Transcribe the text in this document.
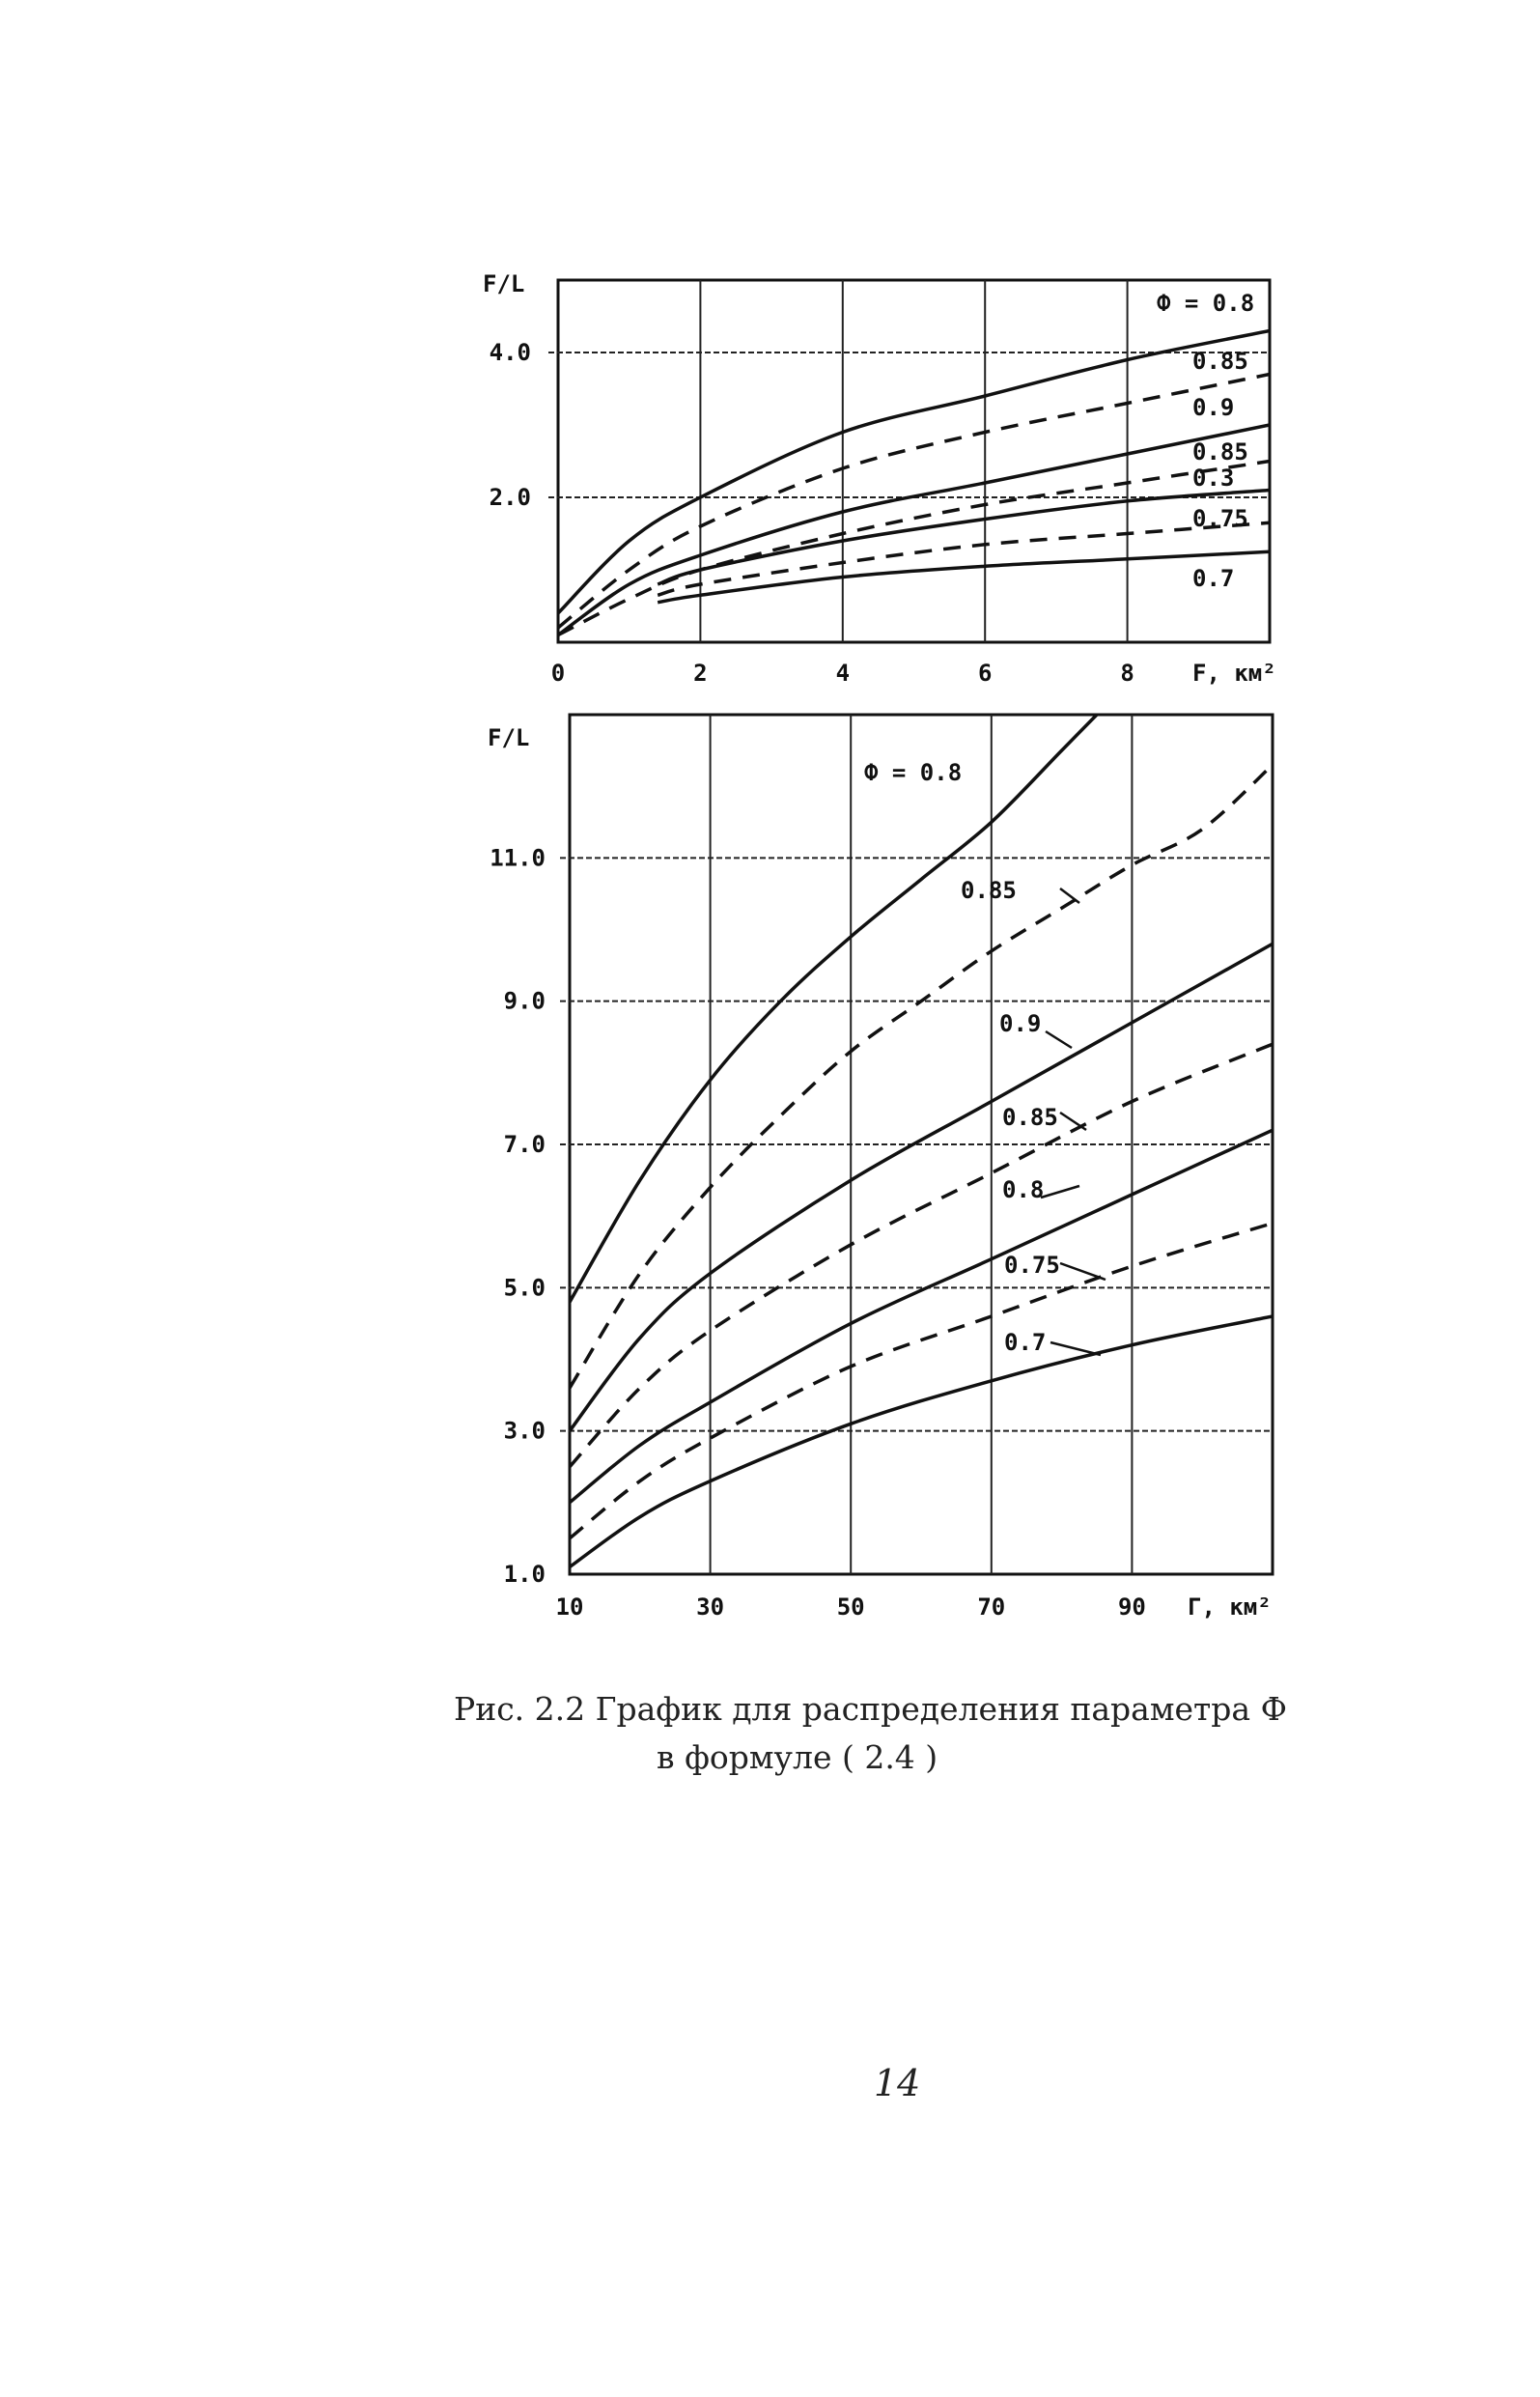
0	2	4	6	8
4.0
2.0
F/L
F, км²
Ф = 0.8
0.85
0.9
0.85
0.3
0.75
0.7
10	30	50	70	90
11.0
9.0
7.0
5.0
3.0
1.0
F/L
Г, км²
Ф = 0.8
0.85
0.9
0.85
0.8
0.75
0.7
Рис. 2.2 График для распределения параметра Ф
в формуле ( 2.4 )
14
